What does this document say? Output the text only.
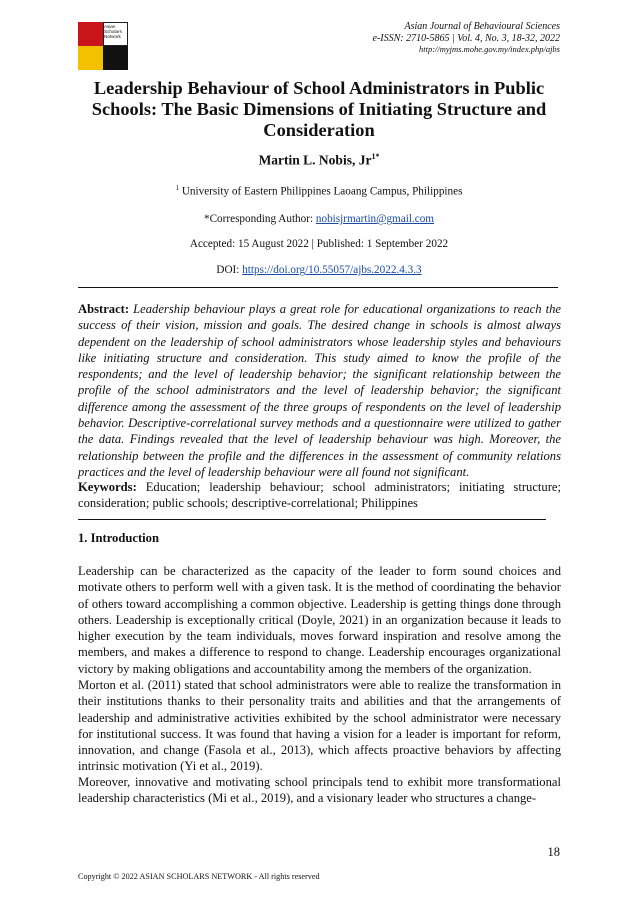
Asian
Scholars
Network
Asian Journal of Behavioural Sciences
e-ISSN: 2710-5865 | Vol. 4, No. 3, 18-32, 2022
http://myjms.mohe.gov.my/index.php/ajbs
Leadership Behaviour of School Administrators in Public Schools: The Basic Dimensions of Initiating Structure and Consideration
Martin L. Nobis, $Jr^{1*}$
$^1$ University of Eastern Philippines Laoang Campus, Philippines
*Corresponding Author: nobisjrmartin@gmail.com
Accepted: 15 August 2022 | Published: 1 September 2022
DOI: https://doi.org/10.55057/ajbs.2022.4.3.3
Abstract: Leadership behaviour plays a great role for educational organizations to reach the success of their vision, mission and goals. The desired change in schools is almost always dependent on the leadership of school administrators whose leadership styles and behaviours like initiating structure and consideration. This study aimed to know the profile of the respondents; and the level of leadership behavior; the significant relationship between the profile of the school administrators and the level of leadership behavior; the significant difference among the assessment of the three groups of respondents on the level of leadership behavior. Descriptive-correlational survey methods and a questionnaire were utilized to gather the data. Findings revealed that the level of leadership behaviour was high. Moreover, the relationship between the profile and the differences in the assessment of community relations practices and the level of leadership behaviour were all found not significant.
Keywords: Education; leadership behaviour; school administrators; initiating structure; consideration; public schools; descriptive-correlational; Philippines
1. Introduction
Leadership can be characterized as the capacity of the leader to form sound choices and motivate others to perform well with a given task. It is the method of coordinating the behavior of others toward accomplishing a common objective. Leadership is getting things done through others. Leadership is exceptionally critical (Doyle, 2021) in an organization because it leads to higher execution by the team individuals, moves forward inspiration and resolve among the members, and makes a difference to respond to change. Leadership encourages organizational victory by making obligations and accountability among the members of the organization.
Morton et al. (2011) stated that school administrators were able to realize the transformation in their institutions thanks to their personality traits and abilities and that the arrangements of leadership and administrative activities exhibited by the school administrator were necessary for institutional success. It was found that having a vision for a leader is important for reform, innovation, and change (Fasola et al., 2013), which affects proactive behaviors by affecting intrinsic motivation (Yi et al., 2019).
Moreover, innovative and motivating school principals tend to exhibit more transformational leadership characteristics (Mi et al., 2019), and a visionary leader who structures a change-
18
Copyright © 2022 ASIAN SCHOLARS NETWORK - All rights reserved
